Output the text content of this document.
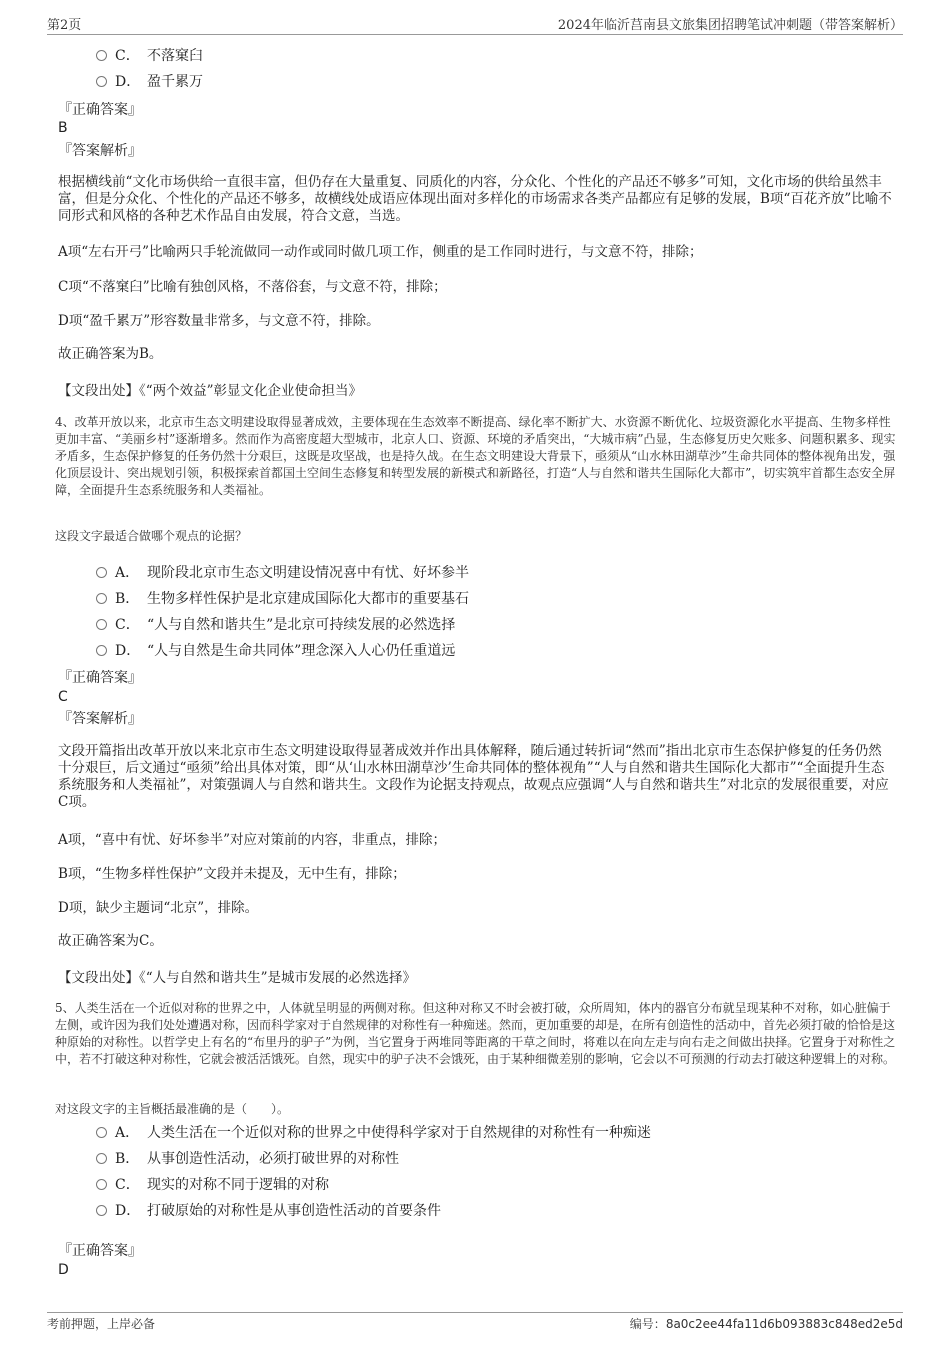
第2页	2024年临沂莒南县文旅集团招聘笔试冲刺题（带答案解析）
C． 不落窠臼
D． 盈千累万
『正确答案』
B
『答案解析』
根据横线前“文化市场供给一直很丰富，但仍存在大量重复、同质化的内容，分众化、个性化的产品还不够多”可知，文化市场的供给虽然丰富，但是分众化、个性化的产品还不够多，故横线处成语应体现出面对多样化的市场需求各类产品都应有足够的发展，B项“百花齐放”比喻不同形式和风格的各种艺术作品自由发展，符合文意，当选。
A项“左右开弓”比喻两只手轮流做同一动作或同时做几项工作，侧重的是工作同时进行，与文意不符，排除；
C项“不落窠臼”比喻有独创风格，不落俗套，与文意不符，排除；
D项“盈千累万”形容数量非常多，与文意不符，排除。
故正确答案为B。
【文段出处】《“两个效益”彰显文化企业使命担当》
4、改革开放以来，北京市生态文明建设取得显著成效，主要体现在生态效率不断提高、绿化率不断扩大、水资源不断优化、垃圾资源化水平提高、生物多样性更加丰富、“美丽乡村”逐渐增多。然而作为高密度超大型城市，北京人口、资源、环境的矛盾突出，“大城市病”凸显，生态修复历史欠账多、问题积累多、现实矛盾多，生态保护修复的任务仍然十分艰巨，这既是攻坚战，也是持久战。在生态文明建设大背景下，亟须从“山水林田湖草沙”生命共同体的整体视角出发，强化顶层设计、突出规划引领，积极探索首都国土空间生态修复和转型发展的新模式和新路径，打造“人与自然和谐共生国际化大都市”，切实筑牢首都生态安全屏障，全面提升生态系统服务和人类福祉。
这段文字最适合做哪个观点的论据？
A． 现阶段北京市生态文明建设情况喜中有忧、好坏参半
B． 生物多样性保护是北京建成国际化大都市的重要基石
C． “人与自然和谐共生”是北京可持续发展的必然选择
D． “人与自然是生命共同体”理念深入人心仍任重道远
『正确答案』
C
『答案解析』
文段开篇指出改革开放以来北京市生态文明建设取得显著成效并作出具体解释，随后通过转折词“然而”指出北京市生态保护修复的任务仍然十分艰巨，后文通过“亟须”给出具体对策，即“从‘山水林田湖草沙’生命共同体的整体视角”“人与自然和谐共生国际化大都市”“全面提升生态系统服务和人类福祉”，对策强调人与自然和谐共生。文段作为论据支持观点，故观点应强调“人与自然和谐共生”对北京的发展很重要，对应C项。
A项，“喜中有忧、好坏参半”对应对策前的内容，非重点，排除；
B项，“生物多样性保护”文段并未提及，无中生有，排除；
D项，缺少主题词“北京”，排除。
故正确答案为C。
【文段出处】《“人与自然和谐共生”是城市发展的必然选择》
5、人类生活在一个近似对称的世界之中，人体就呈明显的两侧对称。但这种对称又不时会被打破，众所周知，体内的器官分布就呈现某种不对称，如心脏偏于左侧，或许因为我们处处遭遇对称，因而科学家对于自然规律的对称性有一种痴迷。然而，更加重要的却是，在所有创造性的活动中，首先必须打破的恰恰是这种原始的对称性。以哲学史上有名的“布里丹的驴子”为例，当它置身于两堆同等距离的干草之间时，将难以在向左走与向右走之间做出抉择。它置身于对称性之中，若不打破这种对称性，它就会被活活饿死。自然，现实中的驴子决不会饿死，由于某种细微差别的影响，它会以不可预测的行动去打破这种逻辑上的对称。
对这段文字的主旨概括最准确的是（　　）。
A． 人类生活在一个近似对称的世界之中使得科学家对于自然规律的对称性有一种痴迷
B． 从事创造性活动，必须打破世界的对称性
C． 现实的对称不同于逻辑的对称
D． 打破原始的对称性是从事创造性活动的首要条件
『正确答案』
D
考前押题，上岸必备	编号：8a0c2ee44fa11d6b093883c848ed2e5d
